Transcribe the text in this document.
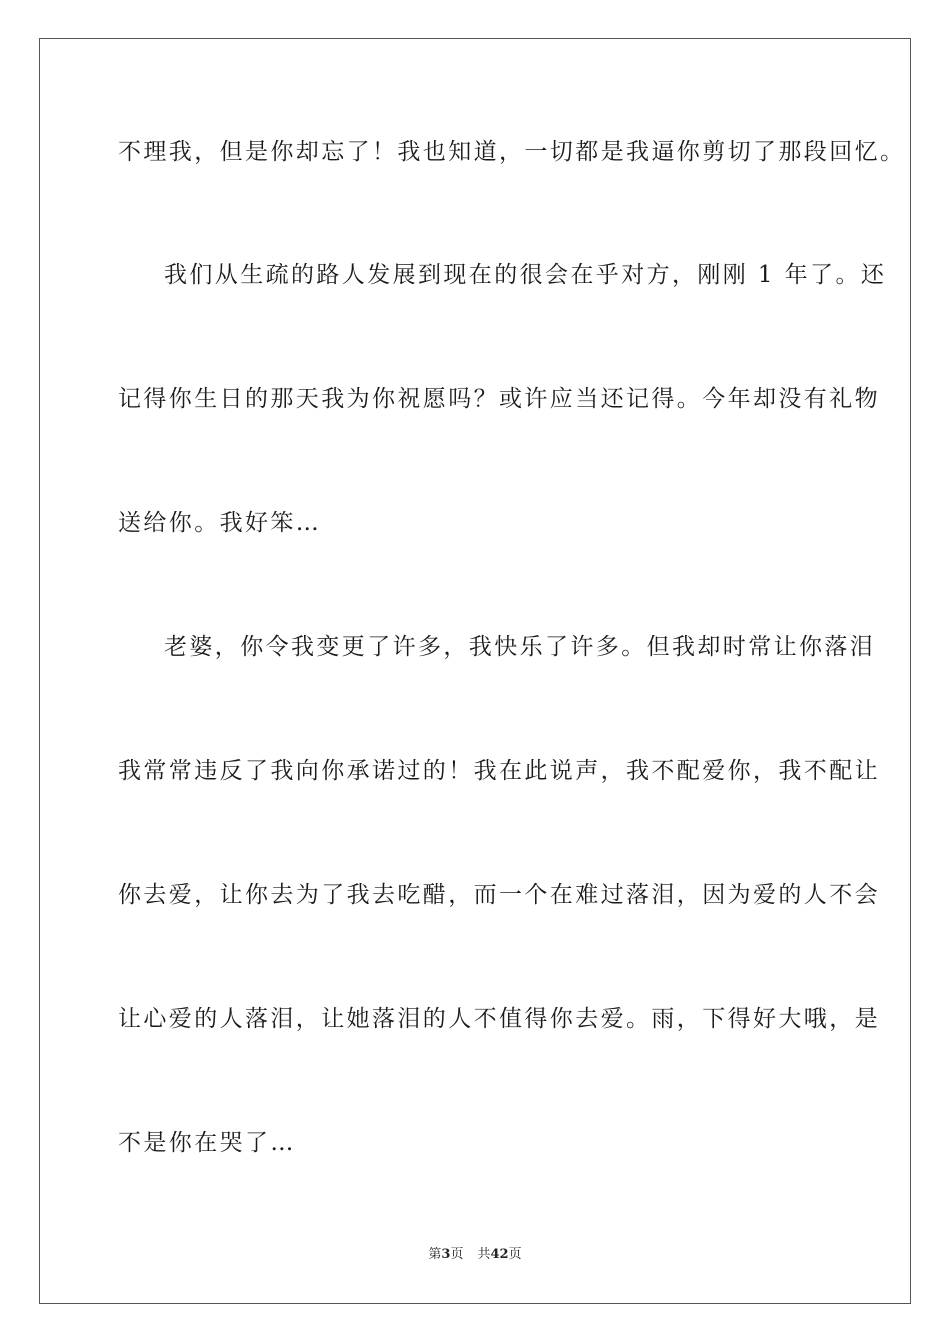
不理我，但是你却忘了！我也知道，一切都是我逼你剪切了那段回忆。
我们从生疏的路人发展到现在的很会在乎对方，刚刚 1 年了。还
记得你生日的那天我为你祝愿吗？或许应当还记得。今年却没有礼物
送给你。我好笨…
老婆，你令我变更了许多，我快乐了许多。但我却时常让你落泪
我常常违反了我向你承诺过的！我在此说声，我不配爱你，我不配让
你去爱，让你去为了我去吃醋，而一个在难过落泪，因为爱的人不会
让心爱的人落泪，让她落泪的人不值得你去爱。雨，下得好大哦，是
不是你在哭了…
第3页 共42页
